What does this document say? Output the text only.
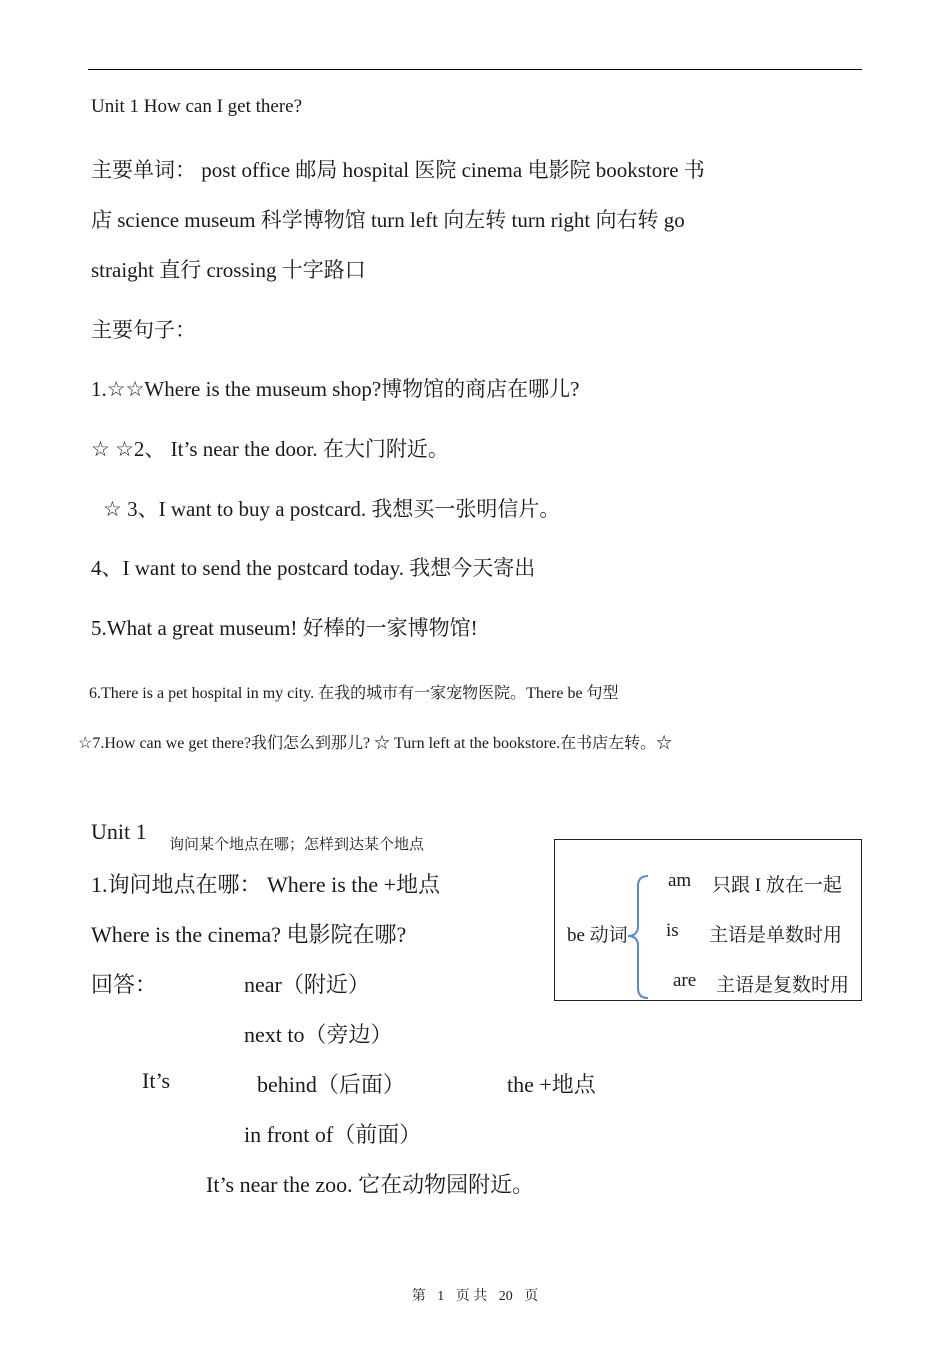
Unit 1 How can I get there?
主要单词： post office 邮局 hospital 医院 cinema 电影院 bookstore 书
店 science museum 科学博物馆 turn left 向左转 turn right 向右转 go
straight 直行 crossing 十字路口
主要句子：
1.☆☆Where is the museum shop?博物馆的商店在哪儿?
☆ ☆2、 It’s near the door. 在大门附近。
☆ 3、I want to buy a postcard. 我想买一张明信片。
4、I want to send the postcard today. 我想今天寄出
5.What a great museum! 好棒的一家博物馆!
6.There is a pet hospital in my city. 在我的城市有一家宠物医院。There be 句型
☆7.How can we get there?我们怎么到那儿? ☆ Turn left at the bookstore.在书店左转。☆
Unit 1
询问某个地点在哪；怎样到达某个地点
1.询问地点在哪： Where is the +地点
Where is the cinema? 电影院在哪?
回答：	near（附近）
next to（旁边）
It’s	behind（后面）	the +地点
in front of（前面）
It’s near the zoo. 它在动物园附近。
be 动词
am 只跟 I 放在一起
is 主语是单数时用
are 主语是复数时用
第 1 页 共 20 页
